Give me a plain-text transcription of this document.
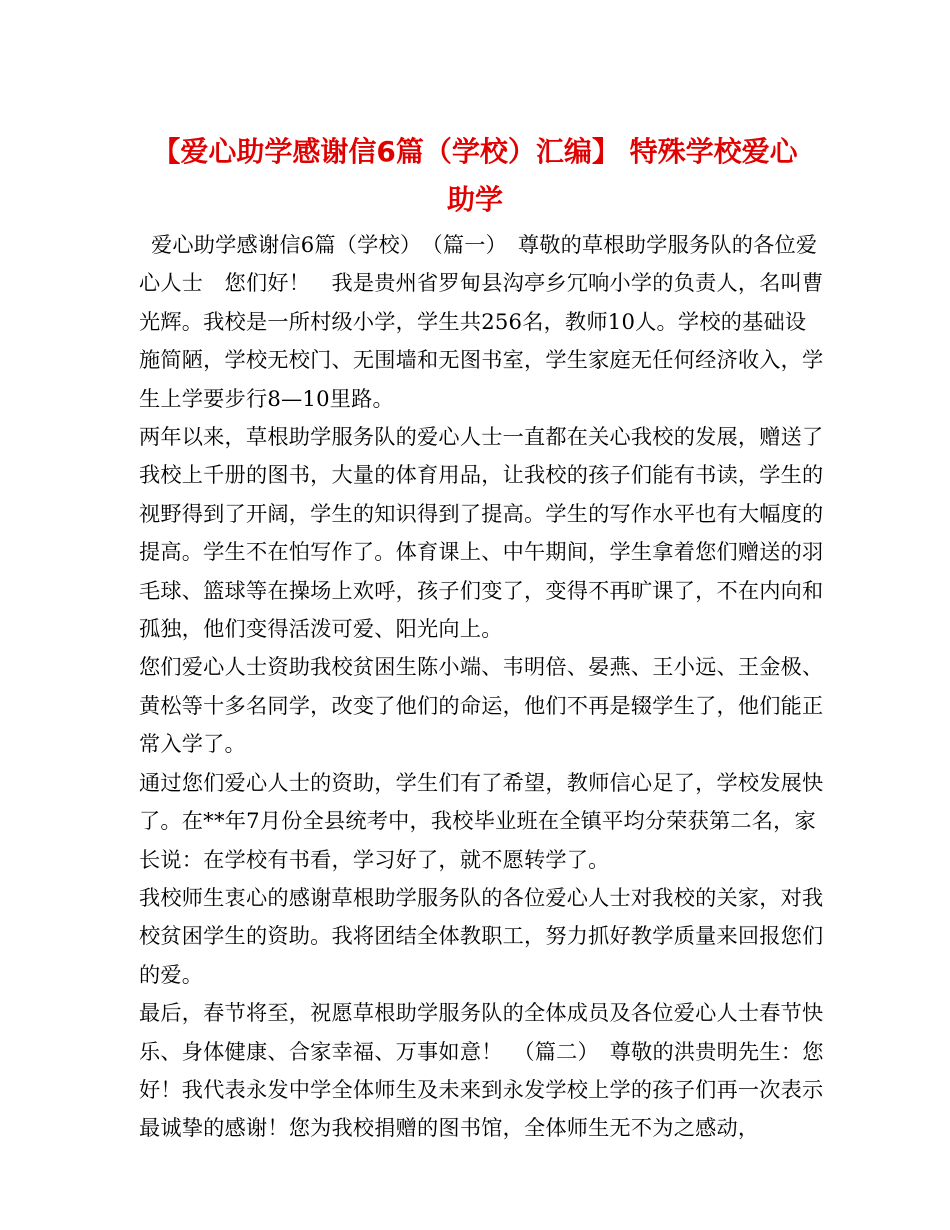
【爱心助学感谢信6篇（学校）汇编】 特殊学校爱心
助学

爱心助学感谢信6篇（学校）　（篇一）　尊敬的草根助学服务队的各位爱心人士　您们好！　我是贵州省罗甸县沟亭乡冗响小学的负责人，名叫曹光辉。我校是一所村级小学，学生共256名，教师10人。学校的基础设施简陋，学校无校门、无围墙和无图书室，学生家庭无任何经济收入，学生上学要步行8—10里路。

两年以来，草根助学服务队的爱心人士一直都在关心我校的发展，赠送了我校上千册的图书，大量的体育用品，让我校的孩子们能有书读，学生的视野得到了开阔，学生的知识得到了提高。学生的写作水平也有大幅度的提高。学生不在怕写作了。体育课上、中午期间，学生拿着您们赠送的羽毛球、篮球等在操场上欢呼，孩子们变了，变得不再旷课了，不在内向和孤独，他们变得活泼可爱、阳光向上。

您们爱心人士资助我校贫困生陈小端、韦明倍、晏燕、王小远、王金极、黄松等十多名同学，改变了他们的命运，他们不再是辍学生了，他们能正常入学了。

通过您们爱心人士的资助，学生们有了希望，教师信心足了，学校发展快了。在**年7月份全县统考中，我校毕业班在全镇平均分荣获第二名，家长说：在学校有书看，学习好了，就不愿转学了。

我校师生衷心的感谢草根助学服务队的各位爱心人士对我校的关家，对我校贫困学生的资助。我将团结全体教职工，努力抓好教学质量来回报您们的爱。

最后，春节将至，祝愿草根助学服务队的全体成员及各位爱心人士春节快乐、身体健康、合家幸福、万事如意！　（篇二）　尊敬的洪贵明先生：您好！我代表永发中学全体师生及未来到永发学校上学的孩子们再一次表示最诚挚的感谢！您为我校捐赠的图书馆，全体师生无不为之感动，
